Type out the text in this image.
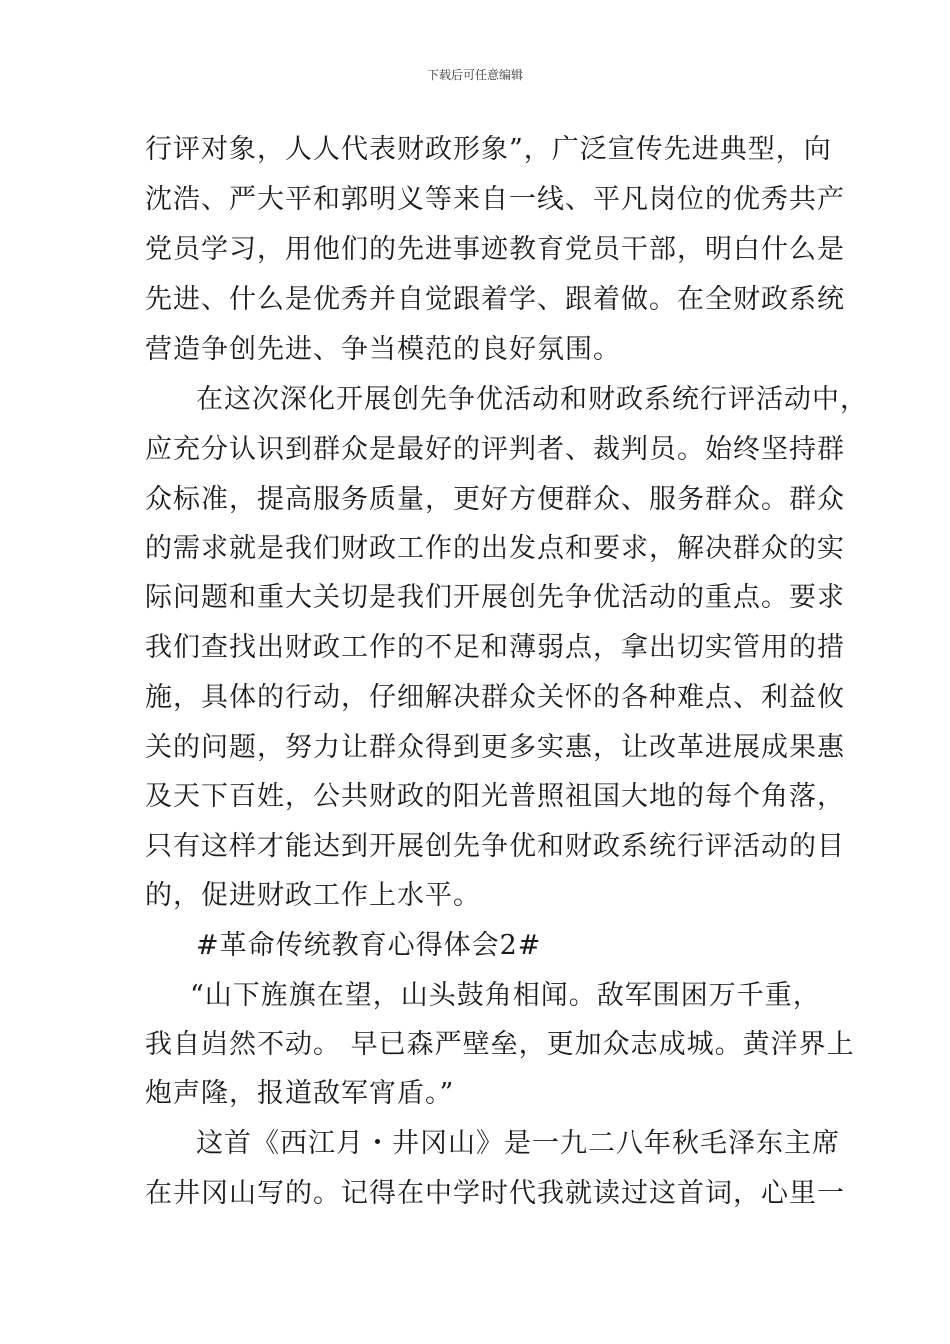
下载后可任意编辑
行评对象，人人代表财政形象”，广泛宣传先进典型，向
沈浩、严大平和郭明义等来自一线、平凡岗位的优秀共产
党员学习，用他们的先进事迹教育党员干部，明白什么是
先进、什么是优秀并自觉跟着学、跟着做。在全财政系统
营造争创先进、争当模范的良好氛围。
在这次深化开展创先争优活动和财政系统行评活动中，
应充分认识到群众是最好的评判者、裁判员。始终坚持群
众标准，提高服务质量，更好方便群众、服务群众。群众
的需求就是我们财政工作的出发点和要求，解决群众的实
际问题和重大关切是我们开展创先争优活动的重点。要求
我们查找出财政工作的不足和薄弱点，拿出切实管用的措
施，具体的行动，仔细解决群众关怀的各种难点、利益攸
关的问题，努力让群众得到更多实惠，让改革进展成果惠
及天下百姓，公共财政的阳光普照祖国大地的每个角落，
只有这样才能达到开展创先争优和财政系统行评活动的目
的，促进财政工作上水平。
#革命传统教育心得体会2#
“山下旌旗在望，山头鼓角相闻。敌军围困万千重，
我自岿然不动。 早已森严壁垒，更加众志成城。黄洋界上
炮声隆，报道敌军宵盾。”
这首《西江月・井冈山》是一九二八年秋毛泽东主席
在井冈山写的。记得在中学时代我就读过这首词，心里一
